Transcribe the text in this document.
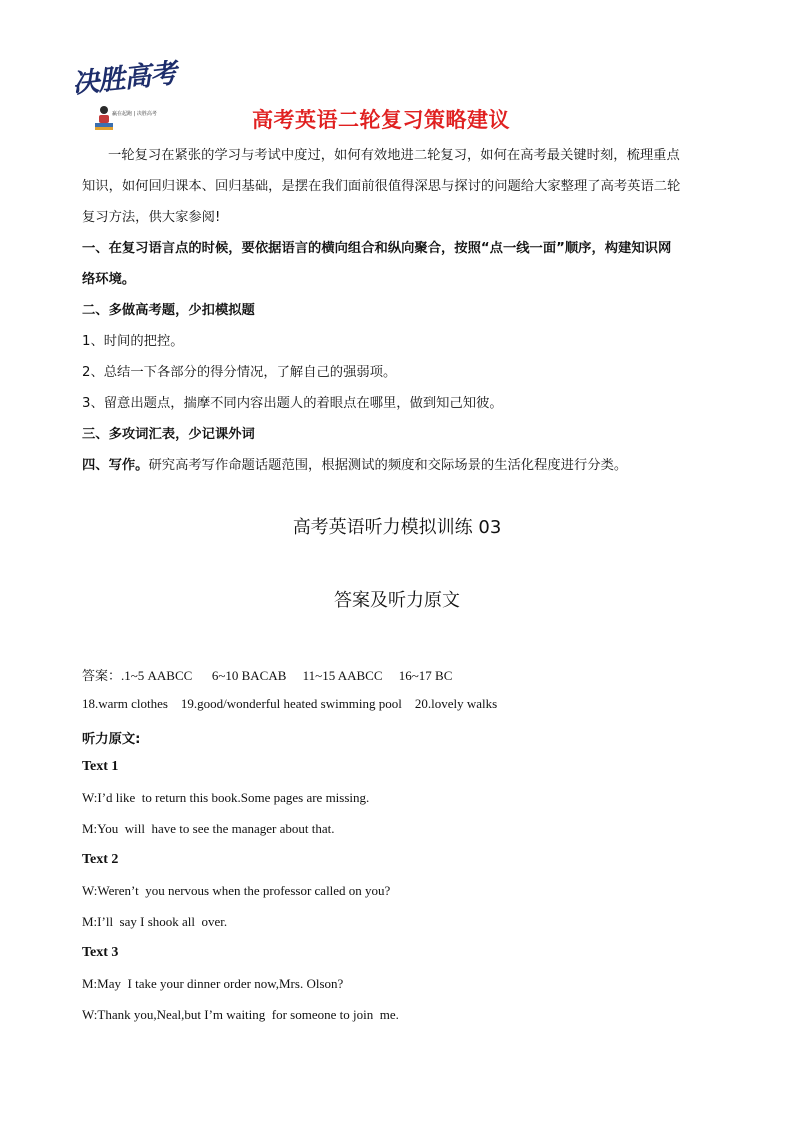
决胜高考
赢在起跑 | 决胜高考	高考英语二轮复习策略建议
一轮复习在紧张的学习与考试中度过，如何有效地进二轮复习，如何在高考最关键时刻，梳理重点
知识，如何回归课本、回归基础，是摆在我们面前很值得深思与探讨的问题给大家整理了高考英语二轮
复习方法，供大家参阅!
一、在复习语言点的时候，要依据语言的横向组合和纵向聚合，按照“点一线一面”顺序，构建知识网
络环境。
二、多做高考题，少扣模拟题
1、时间的把控。
2、总结一下各部分的得分情况，了解自己的强弱项。
3、留意出题点，揣摩不同内容出题人的着眼点在哪里，做到知己知彼。
三、多攻词汇表，少记课外词
四、写作。研究高考写作命题话题范围，根据测试的频度和交际场景的生活化程度进行分类。
高考英语听力模拟训练 03
答案及听力原文
答案：.1~5 AABCC      6~10 BACAB     11~15 AABCC     16~17 BC
18.warm clothes    19.good/wonderful heated swimming pool    20.lovely walks
听力原文:
Text 1
W:I’d like  to return this book.Some pages are missing.
M:You  will  have to see the manager about that.
Text 2
W:Weren’t  you nervous when the professor called on you?
M:I’ll  say I shook all  over.
Text 3
M:May  I take your dinner order now,Mrs. Olson?
W:Thank you,Neal,but I’m waiting  for someone to join  me.
